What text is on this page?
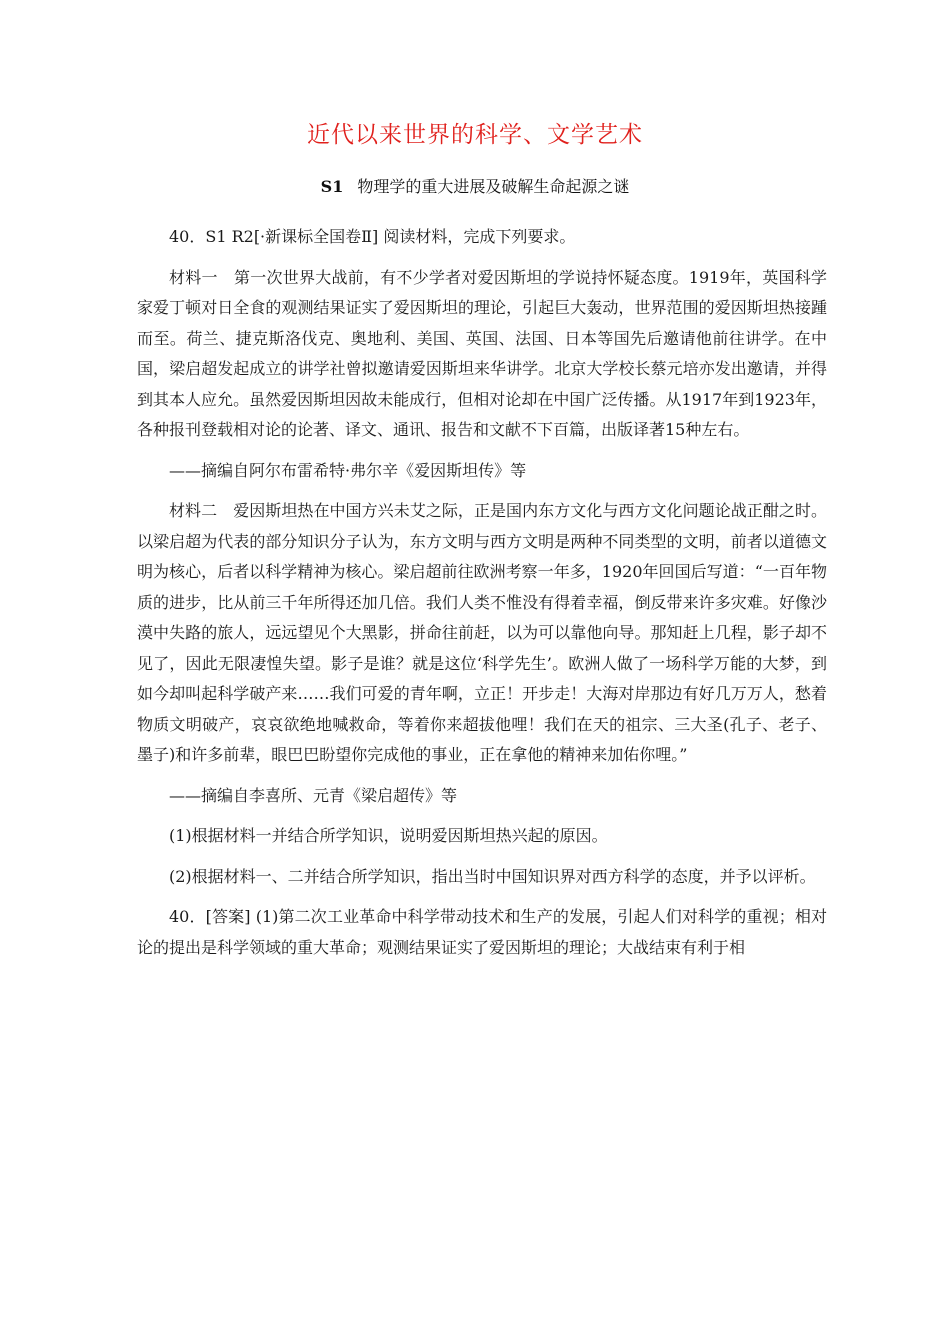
近代以来世界的科学、文学艺术
S1 物理学的重大进展及破解生命起源之谜

40．S1 R2[·新课标全国卷Ⅱ] 阅读材料，完成下列要求。

材料一　第一次世界大战前，有不少学者对爱因斯坦的学说持怀疑态度。1919年，英国科学家爱丁顿对日全食的观测结果证实了爱因斯坦的理论，引起巨大轰动，世界范围的爱因斯坦热接踵而至。荷兰、捷克斯洛伐克、奥地利、美国、英国、法国、日本等国先后邀请他前往讲学。在中国，梁启超发起成立的讲学社曾拟邀请爱因斯坦来华讲学。北京大学校长蔡元培亦发出邀请，并得到其本人应允。虽然爱因斯坦因故未能成行，但相对论却在中国广泛传播。从1917年到1923年，各种报刊登载相对论的论著、译文、通讯、报告和文献不下百篇，出版译著15种左右。

——摘编自阿尔布雷希特·弗尔辛《爱因斯坦传》等

材料二　爱因斯坦热在中国方兴未艾之际，正是国内东方文化与西方文化问题论战正酣之时。以梁启超为代表的部分知识分子认为，东方文明与西方文明是两种不同类型的文明，前者以道德文明为核心，后者以科学精神为核心。梁启超前往欧洲考察一年多，1920年回国后写道：“一百年物质的进步，比从前三千年所得还加几倍。我们人类不惟没有得着幸福，倒反带来许多灾难。好像沙漠中失路的旅人，远远望见个大黑影，拼命往前赶，以为可以靠他向导。那知赶上几程，影子却不见了，因此无限凄惶失望。影子是谁？就是这位‘科学先生’。欧洲人做了一场科学万能的大梦，到如今却叫起科学破产来……我们可爱的青年啊，立正！开步走！大海对岸那边有好几万万人，愁着物质文明破产，哀哀欲绝地喊救命，等着你来超拔他哩！我们在天的祖宗、三大圣(孔子、老子、墨子)和许多前辈，眼巴巴盼望你完成他的事业，正在拿他的精神来加佑你哩。”

——摘编自李喜所、元青《梁启超传》等

(1)根据材料一并结合所学知识，说明爱因斯坦热兴起的原因。

(2)根据材料一、二并结合所学知识，指出当时中国知识界对西方科学的态度，并予以评析。

40．[答案] (1)第二次工业革命中科学带动技术和生产的发展，引起人们对科学的重视；相对论的提出是科学领域的重大革命；观测结果证实了爱因斯坦的理论；大战结束有利于相
